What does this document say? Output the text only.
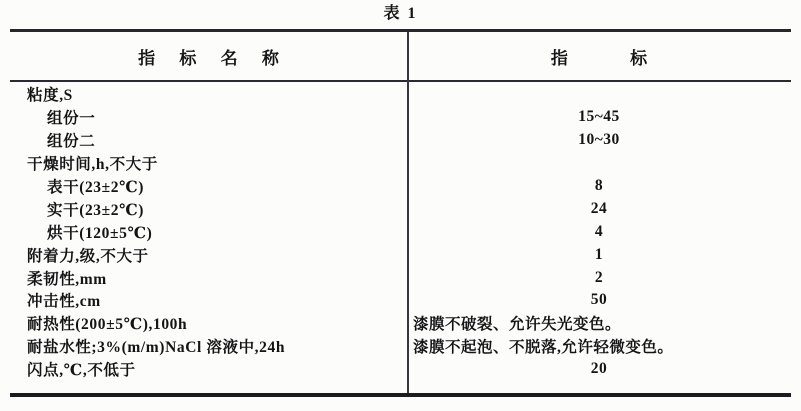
表 1
指 标 名 称	指 标
粘度,S
组份一	15~45
组份二	10~30
干燥时间,h,不大于
表干(23±2℃)	8
实干(23±2℃)	24
烘干(120±5℃)	4
附着力,级,不大于	1
柔韧性,mm	2
冲击性,cm	50
耐热性(200±5℃),100h	漆膜不破裂、允许失光变色。
耐盐水性;3%(m/m)NaCl 溶液中,24h	漆膜不起泡、不脱落,允许轻微变色。
闪点,℃,不低于	20
